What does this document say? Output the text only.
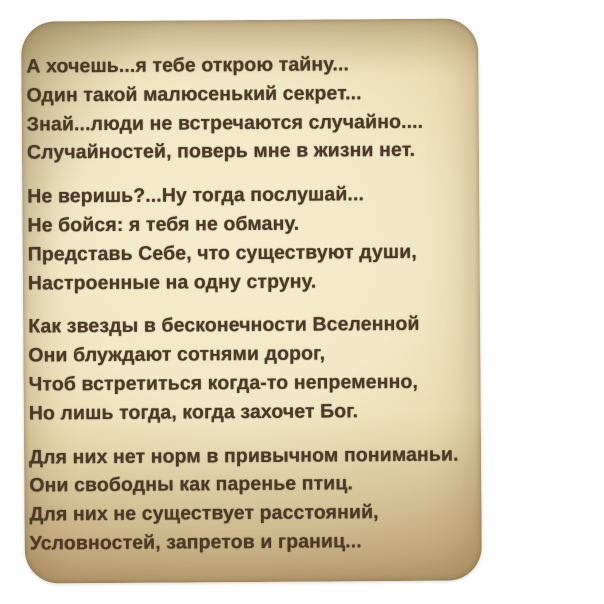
А хочешь...я тебе открою тайну...
Один такой малюсенький секрет...
Знай...люди не встречаются случайно....
Случайностей, поверь мне в жизни нет.
Не веришь?...Ну тогда послушай...
Не бойся: я тебя не обману.
Представь Себе, что существуют души,
Настроенные на одну струну.
Как звезды в бесконечности Вселенной
Они блуждают сотнями дорог,
Чтоб встретиться когда-то непременно,
Но лишь тогда, когда захочет Бог.
Для них нет норм в привычном пониманьи.
Они свободны как паренье птиц.
Для них не существует расстояний,
Условностей, запретов и границ...
